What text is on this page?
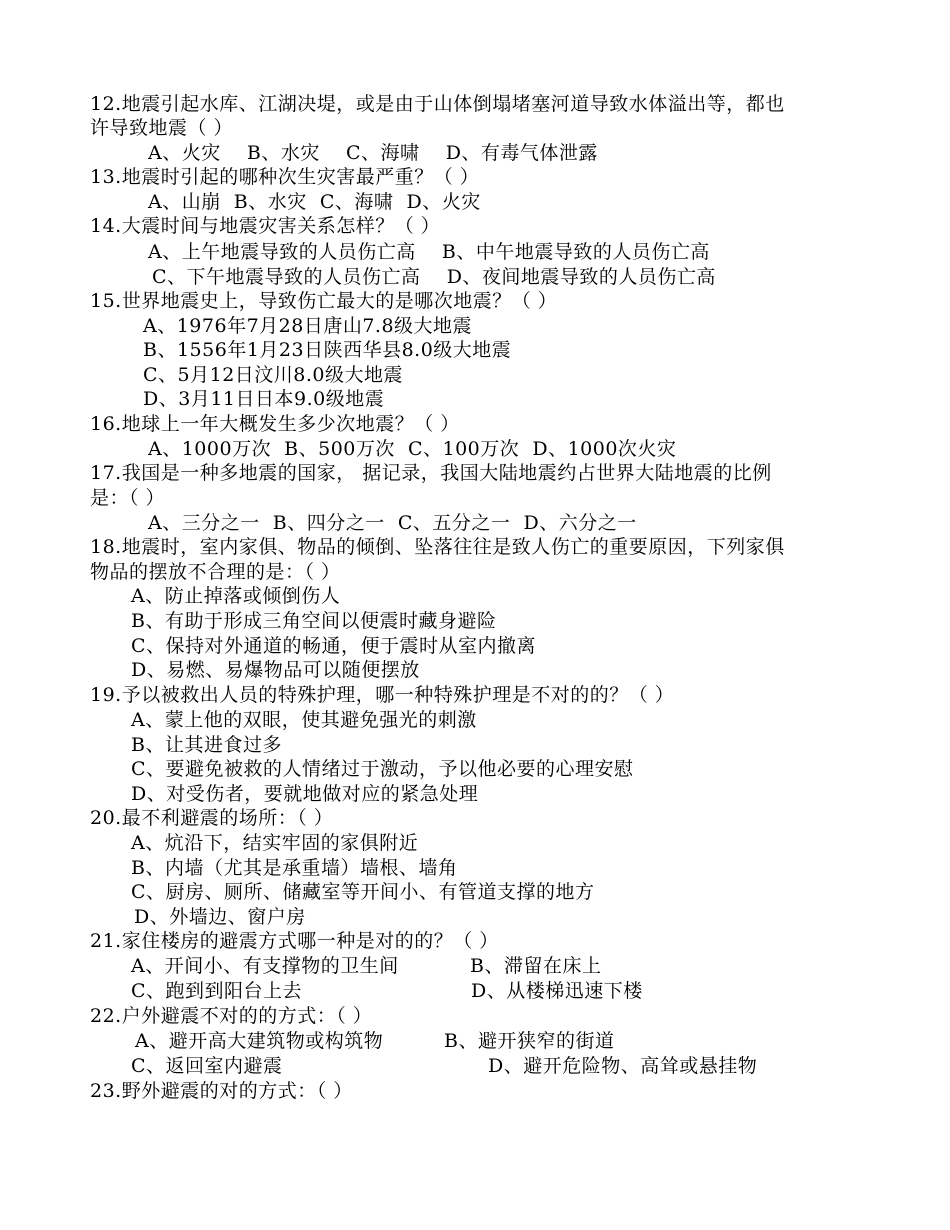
12.地震引起水库、江湖决堤，或是由于山体倒塌堵塞河道导致水体溢出等，都也
许导致地震（ ）
A、火灾    B、水灾    C、海啸    D、有毒气体泄露
13.地震时引起的哪种次生灾害最严重？（ ）
A、山崩  B、水灾  C、海啸  D、火灾
14.大震时间与地震灾害关系怎样？（ ）
A、上午地震导致的人员伤亡高    B、中午地震导致的人员伤亡高
C、下午地震导致的人员伤亡高    D、夜间地震导致的人员伤亡高
15.世界地震史上，导致伤亡最大的是哪次地震？（ ）
A、1976年7月28日唐山7.8级大地震
B、1556年1月23日陕西华县8.0级大地震
C、5月12日汶川8.0级大地震
D、3月11日日本9.0级地震
16.地球上一年大概发生多少次地震？（ ）
A、1000万次  B、500万次  C、100万次  D、1000次火灾
17.我国是一种多地震的国家， 据记录，我国大陆地震约占世界大陆地震的比例
是：（ ）
A、三分之一  B、四分之一  C、五分之一  D、六分之一
18.地震时，室内家俱、物品的倾倒、坠落往往是致人伤亡的重要原因，下列家俱
物品的摆放不合理的是：（ ）
A、防止掉落或倾倒伤人
B、有助于形成三角空间以便震时藏身避险
C、保持对外通道的畅通，便于震时从室内撤离
D、易燃、易爆物品可以随便摆放
19.予以被救出人员的特殊护理，哪一种特殊护理是不对的的？（ ）
A、蒙上他的双眼，使其避免强光的刺激
B、让其进食过多
C、要避免被救的人情绪过于激动，予以他必要的心理安慰
D、对受伤者，要就地做对应的紧急处理
20.最不利避震的场所：（ ）
A、炕沿下，结实牢固的家俱附近
B、内墙（尤其是承重墙）墙根、墙角
C、厨房、厕所、储藏室等开间小、有管道支撑的地方
D、外墙边、窗户房
21.家住楼房的避震方式哪一种是对的的？（ ）
A、开间小、有支撑物的卫生间	B、滞留在床上
C、跑到到阳台上去	D、从楼梯迅速下楼
22.户外避震不对的的方式：（ ）
A、避开高大建筑物或构筑物	B、避开狭窄的街道
C、返回室内避震	D、避开危险物、高耸或悬挂物
23.野外避震的对的方式：（ ）
